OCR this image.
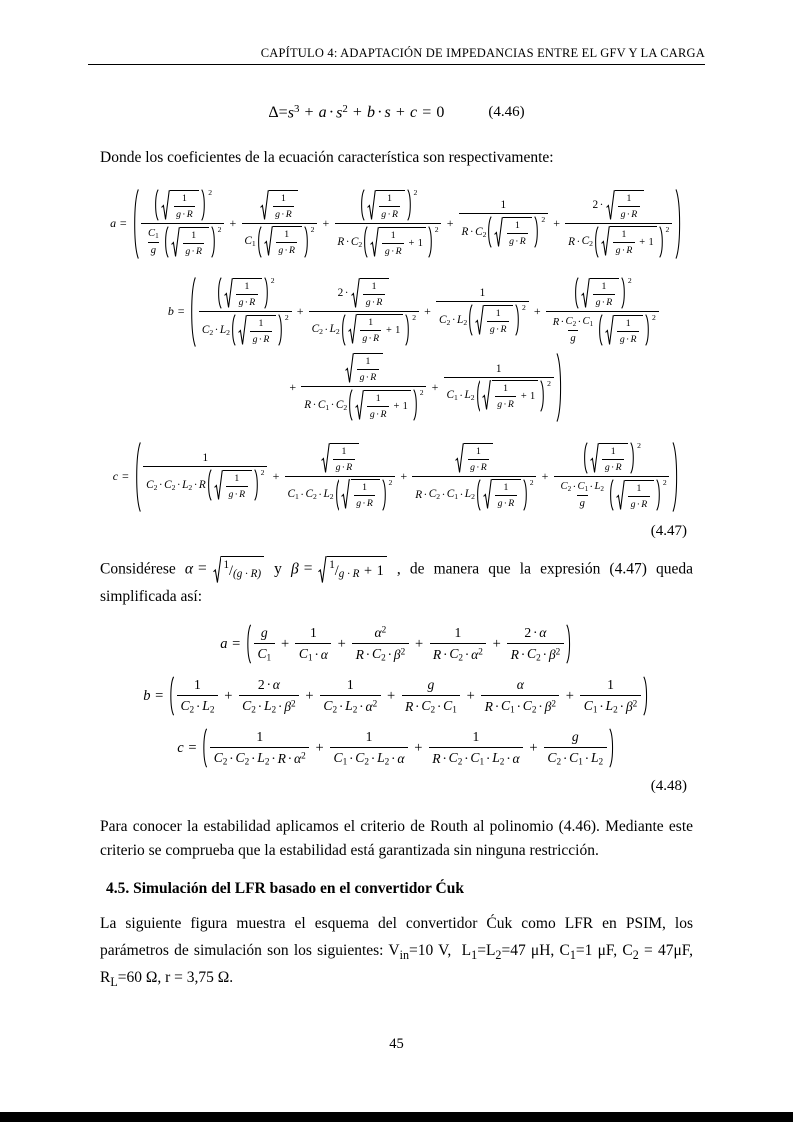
CAPÍTULO 4: ADAPTACIÓN DE IMPEDANCIAS ENTRE EL GFV Y LA CARGA
$\Delta= s^3 + a \cdot s^2 + b \cdot s + c = 0$	(4.46)

Donde los coeficientes de la ecuación característica son respectivamente:

$a = \frac{\frac{1}{g \cdot R} 2}{\frac{C1}{g} \frac{1}{g \cdot R} 2} + \frac{\frac{1}{g \cdot R}}{C1 \frac{1}{g \cdot R} 2} + \frac{1}{g \cdot R} 2$
$R \cdot C2 \frac{1}{g \cdot R} + 1$
$2 + \frac{1}{R \cdot C2 \frac{1}{g \cdot R} 2} + 2 \cdot \frac{1}{g \cdot R}$
$R \cdot C2 \frac{1}{g \cdot R} + 1$
2
$b = \frac{\frac{1}{g \cdot R} 2}{C2 \cdot L2 \frac{1}{g \cdot R} 2} + 2 \cdot \frac{1}{g \cdot R}$
$C2 \cdot L2 \frac{1}{g \cdot R} + 1$
$2 + \frac{1}{C2 \cdot L2 \frac{1}{g \cdot R} 2} + \frac{\frac{1}{g \cdot R} 2}{\frac{R \cdot C2 \cdot C1}{g} \frac{1}{g \cdot R} 2}$
+ $\frac{1}{g \cdot R}$
$R \cdot C1 \cdot C2 \frac{1}{g \cdot R} + 1$
2 + 1
$C1 \cdot L2 \frac{1}{g \cdot R} + 1$
2
$c = \frac{1}{C2 \cdot C2 \cdot L2 \cdot R \frac{1}{g \cdot R} 2} + \frac{\frac{1}{g \cdot R}}{C1 \cdot C2 \cdot L2 \frac{1}{g \cdot R} 2} + \frac{\frac{1}{g \cdot R}}{R \cdot C2 \cdot C1 \cdot L2 \frac{1}{g \cdot R} 2} + \frac{\frac{1}{g \cdot R} 2}{\frac{C2 \cdot C1 \cdot L2}{g} \frac{1}{g \cdot R} 2}$
(4.47)

Considérese α = 1 / (g · R) y β = 1 / g · R + 1 , de manera que la expresión (4.47) queda simplificada así:

$a = \frac{g}{C1} + \frac{1}{C1 \cdot \alpha} + \frac{\alpha^2}{R \cdot C2 \cdot \beta^2} + \frac{1}{R \cdot C2 \cdot \alpha^2} + \frac{2 \cdot \alpha}{R \cdot C2 \cdot \beta^2}$
$b = \frac{1}{C2 \cdot L2} + \frac{2 \cdot \alpha}{C2 \cdot L2 \cdot \beta^2} + \frac{1}{C2 \cdot L2 \cdot \alpha^2} + \frac{g}{R \cdot C2 \cdot C1} + \frac{\alpha}{R \cdot C1 \cdot C2 \cdot \beta^2} + \frac{1}{C1 \cdot L2 \cdot \beta^2}$
$c = \frac{1}{C2 \cdot C2 \cdot L2 \cdot R \cdot \alpha^2} + \frac{1}{C1 \cdot C2 \cdot L2 \cdot \alpha} + \frac{1}{R \cdot C2 \cdot C1 \cdot L2 \cdot \alpha} + \frac{g}{C2 \cdot C1 \cdot L2}$
(4.48)

Para conocer la estabilidad aplicamos el criterio de Routh al polinomio (4.46). Mediante este criterio se comprueba que la estabilidad está garantizada sin ninguna restricción.

4.5. Simulación del LFR basado en el convertidor Ćuk

La siguiente figura muestra el esquema del convertidor Ćuk como LFR en PSIM, los parámetros de simulación son los siguientes: $V_{in}=10$ V,  $L_1=L_2=47$ μH, $C_1=1$ μF, $C_2 = 47\mu F$, $R_L=60$ Ω, r = 3,75 Ω.

45
